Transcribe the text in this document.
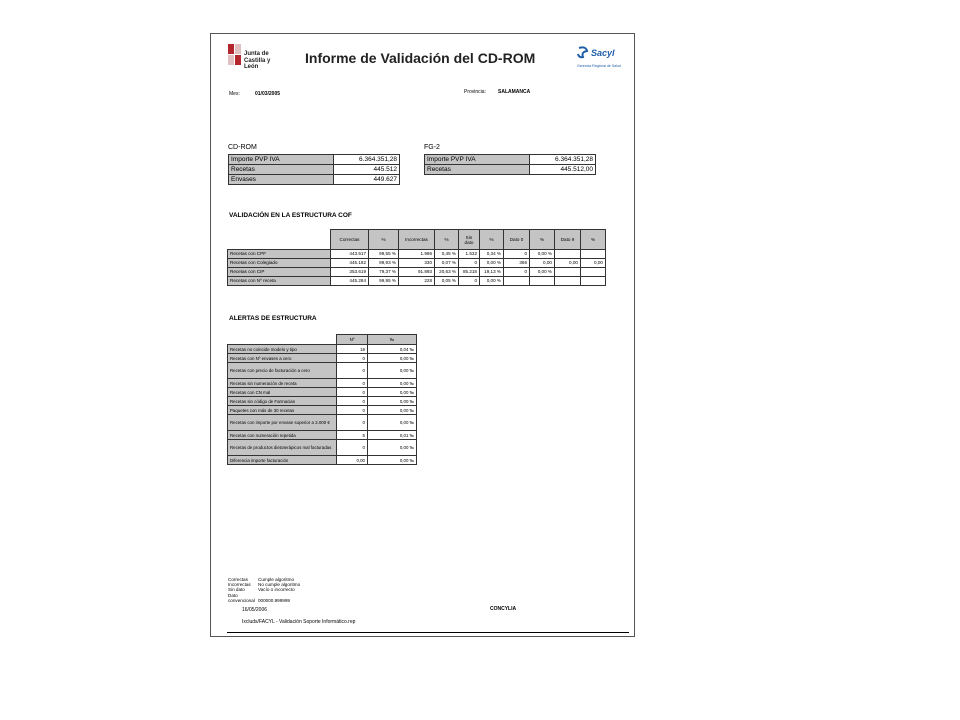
Junta de
Castilla y León
Informe de Validación del CD-ROM	Sacyl
Gerencia Regional de Salud
Mes:	01/03/2005	Provincia: SALAMANCA
CD-ROM
Importe PVP IVA	6.364.351,28
Recetas	445.512
Envases	449.627
FG-2
Importe PVP IVA	6.364.351,28
Recetas	445.512,00
VALIDACIÓN EN LA ESTRUCTURA COF
	Correctas	%	Incorrectas	%	Sin dato	%	Dato 0	%	Dato 9	%
Recetas con CPF	443.517	99,55 %	1.996	0,45 %	1.532	0,34 %	0	0,00 %		
Recetas con Colegiado	445.182	99,93 %	330	0,07 %	0	0,00 %	366	0,00	0,00	0,00
Recetas con CIP	353.619	79,37 %	91.893	20,63 %	85.218	19,13 %	0	0,00 %		
Recetas con Nº receta	445.284	99,95 %	228	0,05 %	0	0,00 %				
ALERTAS DE ESTRUCTURA
	Nº	‰
Recetas no coincide modelo y tipo	19	0,04 ‰
Recetas con Nº envases a cero	0	0,00 ‰
Recetas con precio de facturación a cero	0	0,00 ‰
Recetas sin numeración de receta	0	0,00 ‰
Recetas con CN mal	0	0,00 ‰
Recetas sin código de Farmacias	0	0,00 ‰
Paquetes con más de 30 recetas	0	0,00 ‰
Recetas con importe por envase superior a 3.000 €	0	0,00 ‰
Recetas con numeración repetida	5	0,01 ‰
Recetas de productos dietoterápicos mal facturadas	0	0,00 ‰
Diferencia importe facturación	0,00	0,00 ‰
Correctas Cumple algoritmo
Incorrectas No cumple algoritmo
Sin dato	Vacío o incorrecto
Dato convencional 000000.999999
16/05/2006	CONCYLIA
Ixcluds/FACYL - Validación Soporte Informático.rep
